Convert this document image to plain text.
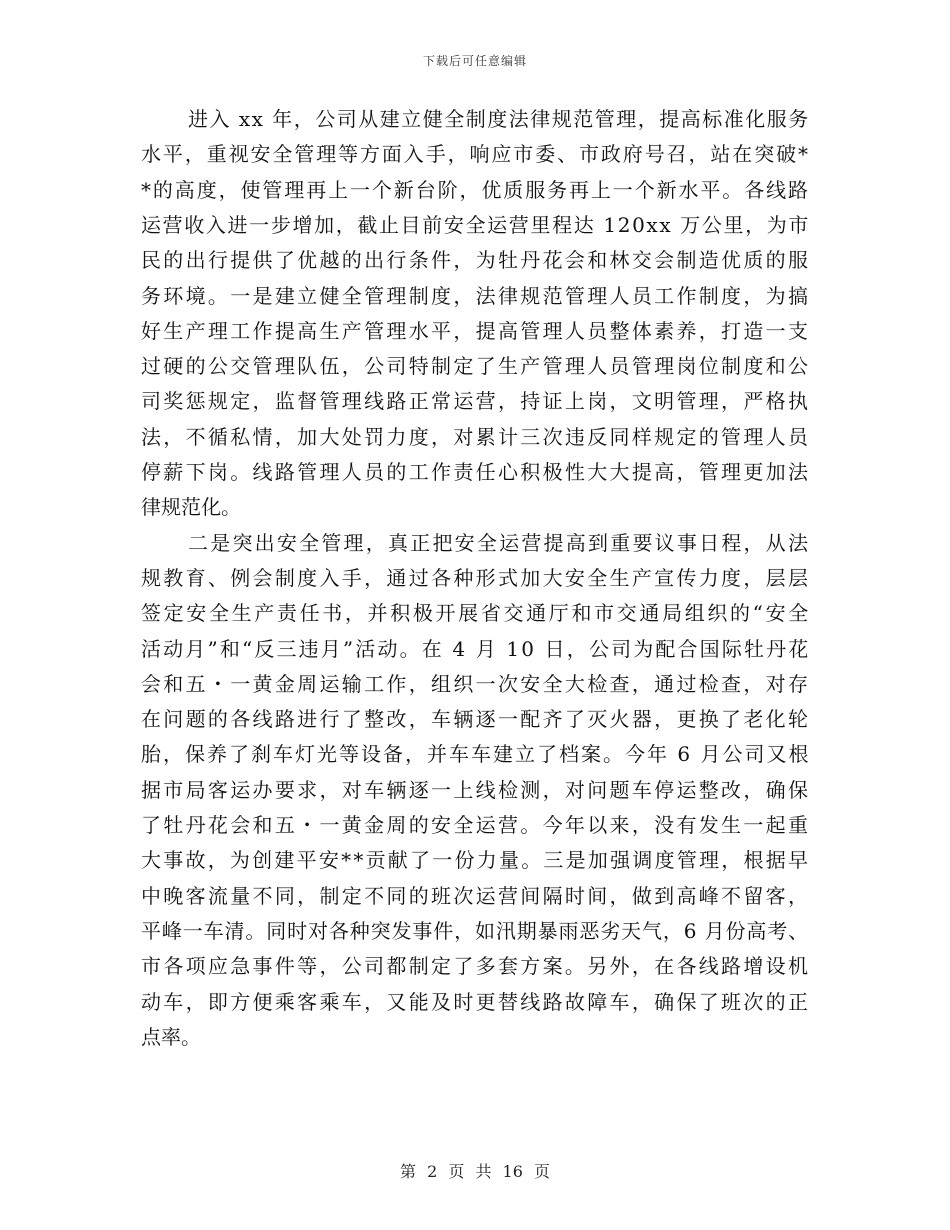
下载后可任意编辑
进入 xx 年，公司从建立健全制度法律规范管理，提高标准化服务
水平，重视安全管理等方面入手，响应市委、市政府号召，站在突破*
*的高度，使管理再上一个新台阶，优质服务再上一个新水平。各线路
运营收入进一步增加，截止目前安全运营里程达 120xx 万公里，为市
民的出行提供了优越的出行条件，为牡丹花会和林交会制造优质的服
务环境。一是建立健全管理制度，法律规范管理人员工作制度，为搞
好生产理工作提高生产管理水平，提高管理人员整体素养，打造一支
过硬的公交管理队伍，公司特制定了生产管理人员管理岗位制度和公
司奖惩规定，监督管理线路正常运营，持证上岗，文明管理，严格执
法，不循私情，加大处罚力度，对累计三次违反同样规定的管理人员
停薪下岗。线路管理人员的工作责任心积极性大大提高，管理更加法
律规范化。
二是突出安全管理，真正把安全运营提高到重要议事日程，从法
规教育、例会制度入手，通过各种形式加大安全生产宣传力度，层层
签定安全生产责任书，并积极开展省交通厅和市交通局组织的“安全
活动月”和“反三违月”活动。在 4 月 10 日，公司为配合国际牡丹花
会和五・一黄金周运输工作，组织一次安全大检查，通过检查，对存
在问题的各线路进行了整改，车辆逐一配齐了灭火器，更换了老化轮
胎，保养了刹车灯光等设备，并车车建立了档案。今年 6 月公司又根
据市局客运办要求，对车辆逐一上线检测，对问题车停运整改，确保
了牡丹花会和五・一黄金周的安全运营。今年以来，没有发生一起重
大事故，为创建平安**贡献了一份力量。三是加强调度管理，根据早
中晚客流量不同，制定不同的班次运营间隔时间，做到高峰不留客，
平峰一车清。同时对各种突发事件，如汛期暴雨恶劣天气，6 月份高考、
市各项应急事件等，公司都制定了多套方案。另外，在各线路增设机
动车，即方便乘客乘车，又能及时更替线路故障车，确保了班次的正
点率。
第 2 页 共 16 页
